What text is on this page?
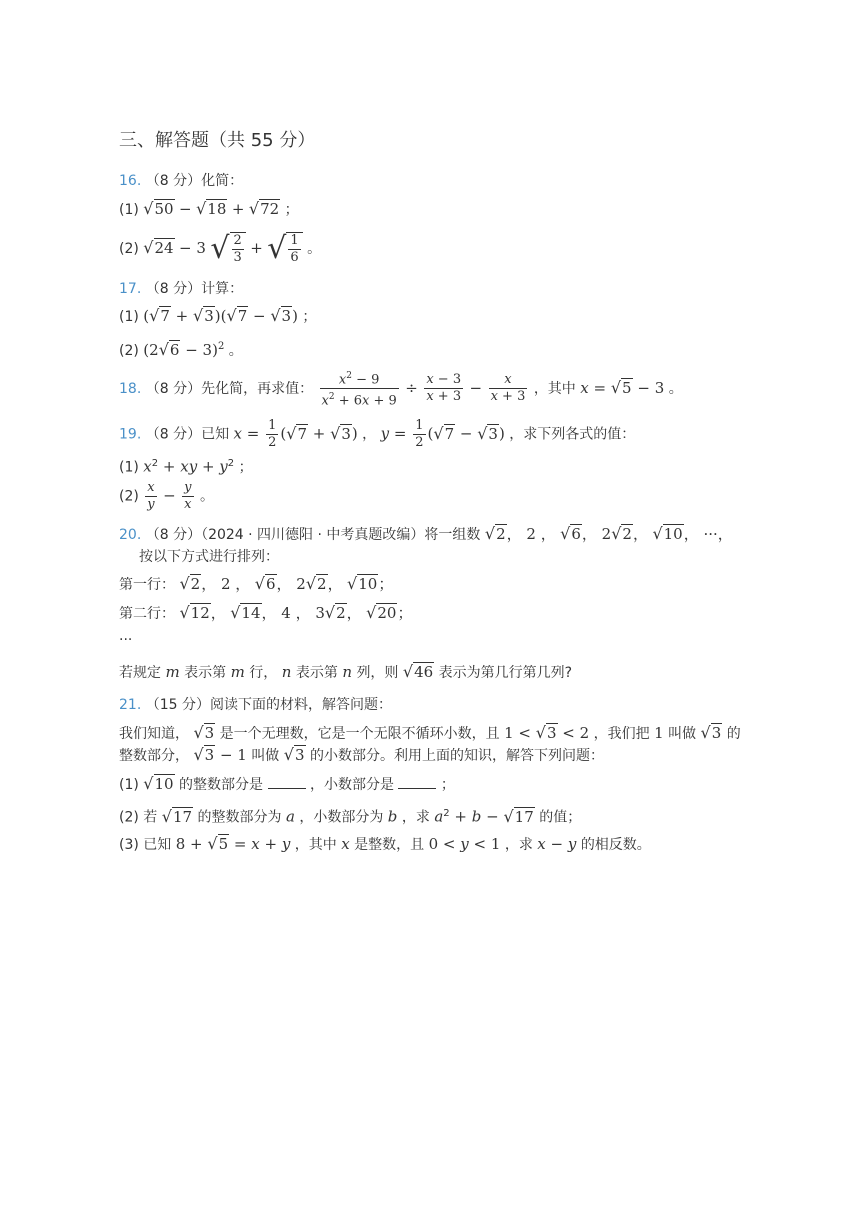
三、解答题（共 55 分）
16. （8 分）化简：
(1) √50 − √18 + √72 ；
(2) √24 − 3 √ $\frac{2}{3}$ + √ $\frac{1}{6}$ 。
17. （8 分）计算：
(1) (√7 + √3)(√7 − √3) ；
(2) $(2√6 - 3)^2$ 。
18. （8 分）先化简，再求值： $\frac{x^2 - 9}{x^2 + 6x + 9} \div \frac{x - 3}{x + 3} - \frac{x}{x + 3}$ ，其中 x = √5 − 3 。
19. （8 分）已知 $x = \frac{1}{2} (√7 + √3)$ ， $y = \frac{1}{2} (√7 - √3)$ ，求下列各式的值：
(1) $x^2$ + xy + $y^2$ ；
$(2) \frac{x}{y} - \frac{y}{x}$ 。
20. （8 分）（2024 · 四川德阳 · 中考真题改编）将一组数 √2， 2 ， √6， 2√2， √10， ···，
按以下方式进行排列：
第一行： √2， 2 ， √6， 2√2， √10；
第二行： √12， √14， 4 ， 3√2， √20；
···
若规定 m 表示第 m 行， n 表示第 n 列，则 √46 表示为第几行第几列?
21. （15 分）阅读下面的材料，解答问题：
我们知道， √3 是一个无理数，它是一个无限不循环小数，且 1 < √3 < 2 ，我们把 1 叫做 √3 的
整数部分， √3 − 1 叫做 √3 的小数部分。利用上面的知识，解答下列问题：
(1) √10 的整数部分是	，小数部分是	；
(2) 若 √17 的整数部分为 a ，小数部分为 b ，求 $a^2 + b - √17$ 的值；
(3) 已知 8 + √5 = x + y ，其中 x 是整数，且 0 < y < 1 ，求 x − y 的相反数。
